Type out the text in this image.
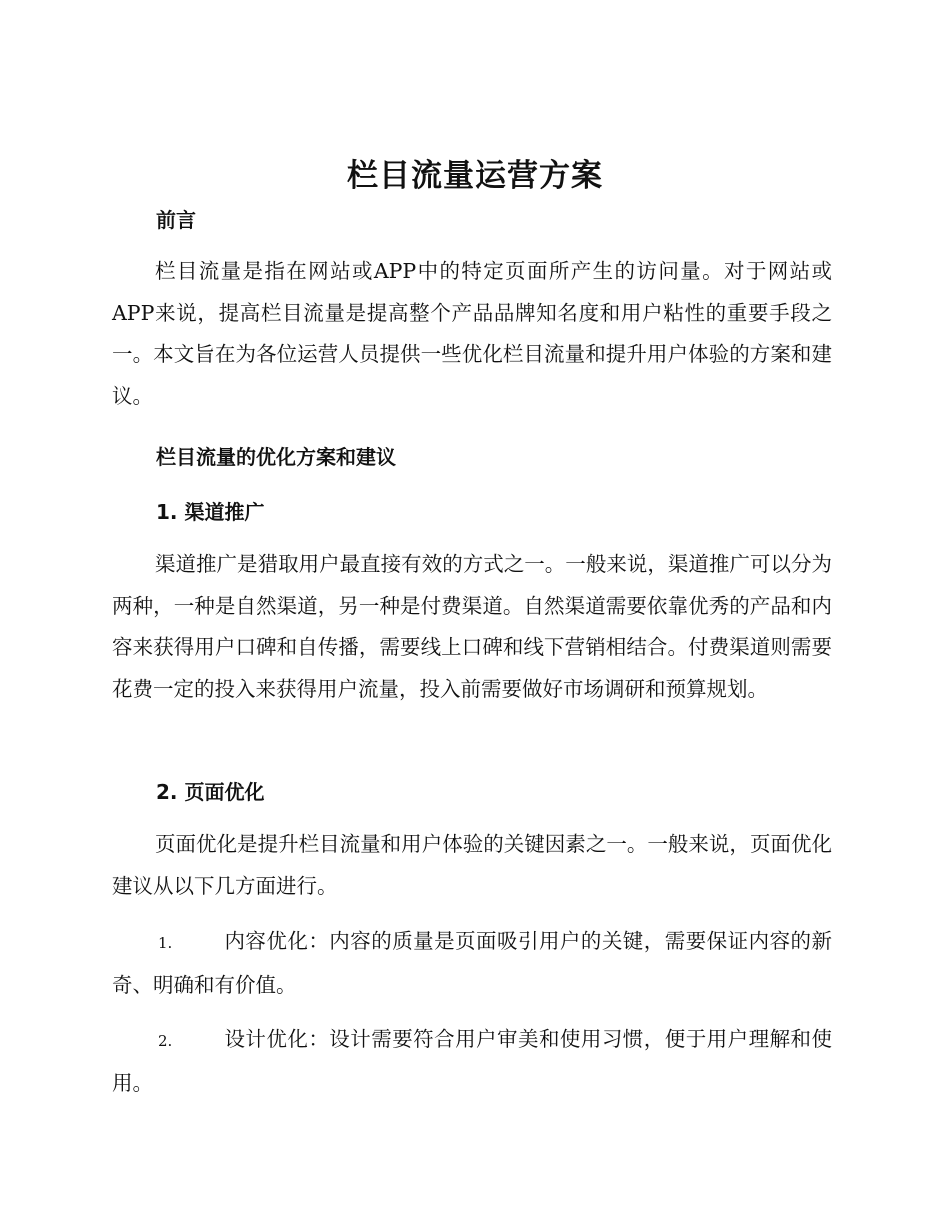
栏目流量运营方案
前言

栏目流量是指在网站或APP中的特定页面所产生的访问量。对于网站或APP来说，提高栏目流量是提高整个产品品牌知名度和用户粘性的重要手段之一。本文旨在为各位运营人员提供一些优化栏目流量和提升用户体验的方案和建议。

栏目流量的优化方案和建议
1. 渠道推广

渠道推广是猎取用户最直接有效的方式之一。一般来说，渠道推广可以分为两种，一种是自然渠道，另一种是付费渠道。自然渠道需要依靠优秀的产品和内容来获得用户口碑和自传播，需要线上口碑和线下营销相结合。付费渠道则需要花费一定的投入来获得用户流量，投入前需要做好市场调研和预算规划。

2. 页面优化

页面优化是提升栏目流量和用户体验的关键因素之一。一般来说，页面优化建议从以下几方面进行。

1.	内容优化：内容的质量是页面吸引用户的关键，需要保证内容的新奇、明确和有价值。

2.	设计优化：设计需要符合用户审美和使用习惯，便于用户理解和使用。
